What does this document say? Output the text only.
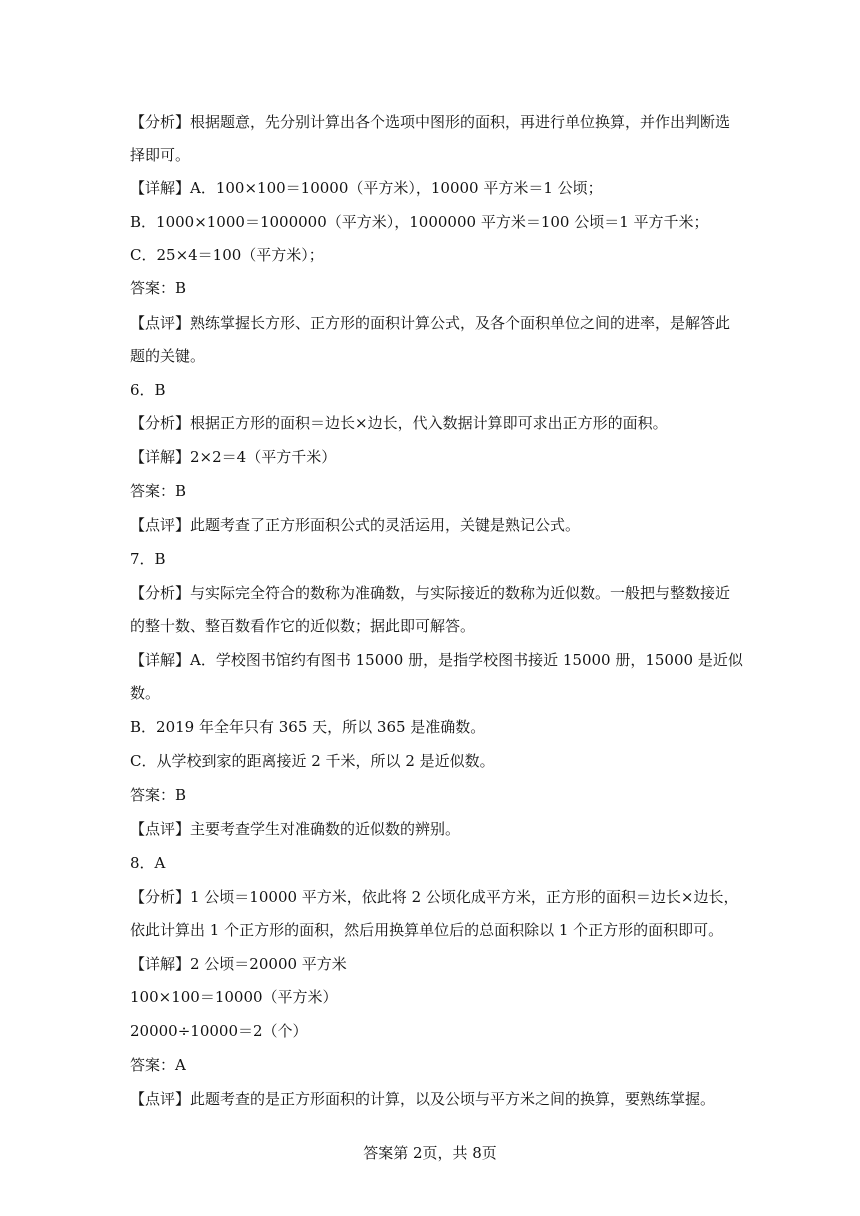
【分析】根据题意，先分别计算出各个选项中图形的面积，再进行单位换算，并作出判断选
择即可。
【详解】A．100×100＝10000（平方米），10000 平方米＝1 公顷；
B．1000×1000＝1000000（平方米），1000000 平方米＝100 公顷＝1 平方千米；
C．25×4＝100（平方米）；
答案：B
【点评】熟练掌握长方形、正方形的面积计算公式，及各个面积单位之间的进率，是解答此
题的关键。
6．B
【分析】根据正方形的面积＝边长×边长，代入数据计算即可求出正方形的面积。
【详解】2×2＝4（平方千米）
答案：B
【点评】此题考查了正方形面积公式的灵活运用，关键是熟记公式。
7．B
【分析】与实际完全符合的数称为准确数，与实际接近的数称为近似数。一般把与整数接近
的整十数、整百数看作它的近似数；据此即可解答。
【详解】A．学校图书馆约有图书 15000 册，是指学校图书接近 15000 册，15000 是近似
数。
B．2019 年全年只有 365 天，所以 365 是准确数。
C．从学校到家的距离接近 2 千米，所以 2 是近似数。
答案：B
【点评】主要考查学生对准确数的近似数的辨别。
8．A
【分析】1 公顷＝10000 平方米，依此将 2 公顷化成平方米，正方形的面积＝边长×边长，
依此计算出 1 个正方形的面积，然后用换算单位后的总面积除以 1 个正方形的面积即可。
【详解】2 公顷＝20000 平方米
100×100＝10000（平方米）
20000÷10000＝2（个）
答案：A
【点评】此题考查的是正方形面积的计算，以及公顷与平方米之间的换算，要熟练掌握。
答案第 2页，共 8页
